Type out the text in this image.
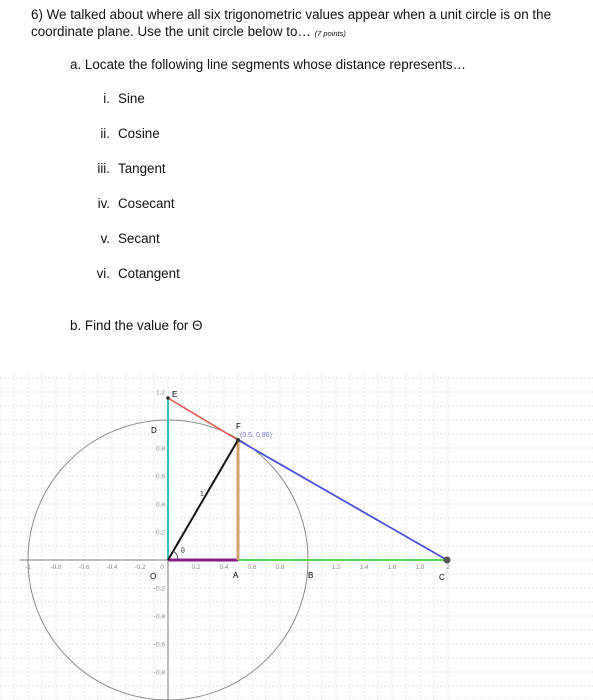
6) We talked about where all six trigonometric values appear when a unit circle is on the coordinate plane. Use the unit circle below to… (7 points)
a. Locate the following line segments whose distance represents…
i. Sine
ii. Cosine
iii. Tangent
iv. Cosecant
v. Secant
vi. Cotangent
b. Find the value for Θ
-1	-0.8	-0.6	-0.4	-0.2 0	0.2	0.4	0.6	0.8	1.2	1.4	1.6	1.8	2
1.2
0.8
0.6
0.4
0.2
-0.2
-0.4
-0.6
-0.8
O	A	B	C
D
E
F
(0.5, 0.86)
1
θ
